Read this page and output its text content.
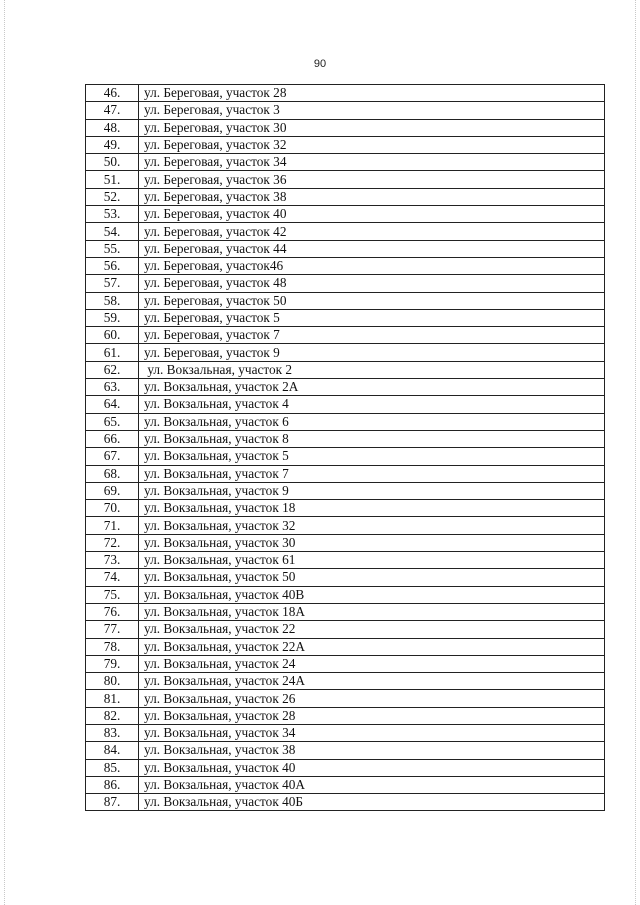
90
46.	ул. Береговая, участок 28
47.	ул. Береговая, участок 3
48.	ул. Береговая, участок 30
49.	ул. Береговая, участок 32
50.	ул. Береговая, участок 34
51.	ул. Береговая, участок 36
52.	ул. Береговая, участок 38
53.	ул. Береговая, участок 40
54.	ул. Береговая, участок 42
55.	ул. Береговая, участок 44
56.	ул. Береговая, участок46
57.	ул. Береговая, участок 48
58.	ул. Береговая, участок 50
59.	ул. Береговая, участок 5
60.	ул. Береговая, участок 7
61.	ул. Береговая, участок 9
62.	ул. Вокзальная, участок 2
63.	ул. Вокзальная, участок 2А
64.	ул. Вокзальная, участок 4
65.	ул. Вокзальная, участок 6
66.	ул. Вокзальная, участок 8
67.	ул. Вокзальная, участок 5
68.	ул. Вокзальная, участок 7
69.	ул. Вокзальная, участок 9
70.	ул. Вокзальная, участок 18
71.	ул. Вокзальная, участок 32
72.	ул. Вокзальная, участок 30
73.	ул. Вокзальная, участок 61
74.	ул. Вокзальная, участок 50
75.	ул. Вокзальная, участок 40В
76.	ул. Вокзальная, участок 18А
77.	ул. Вокзальная, участок 22
78.	ул. Вокзальная, участок 22А
79.	ул. Вокзальная, участок 24
80.	ул. Вокзальная, участок 24А
81.	ул. Вокзальная, участок 26
82.	ул. Вокзальная, участок 28
83.	ул. Вокзальная, участок 34
84.	ул. Вокзальная, участок 38
85.	ул. Вокзальная, участок 40
86.	ул. Вокзальная, участок 40А
87.	ул. Вокзальная, участок 40Б
